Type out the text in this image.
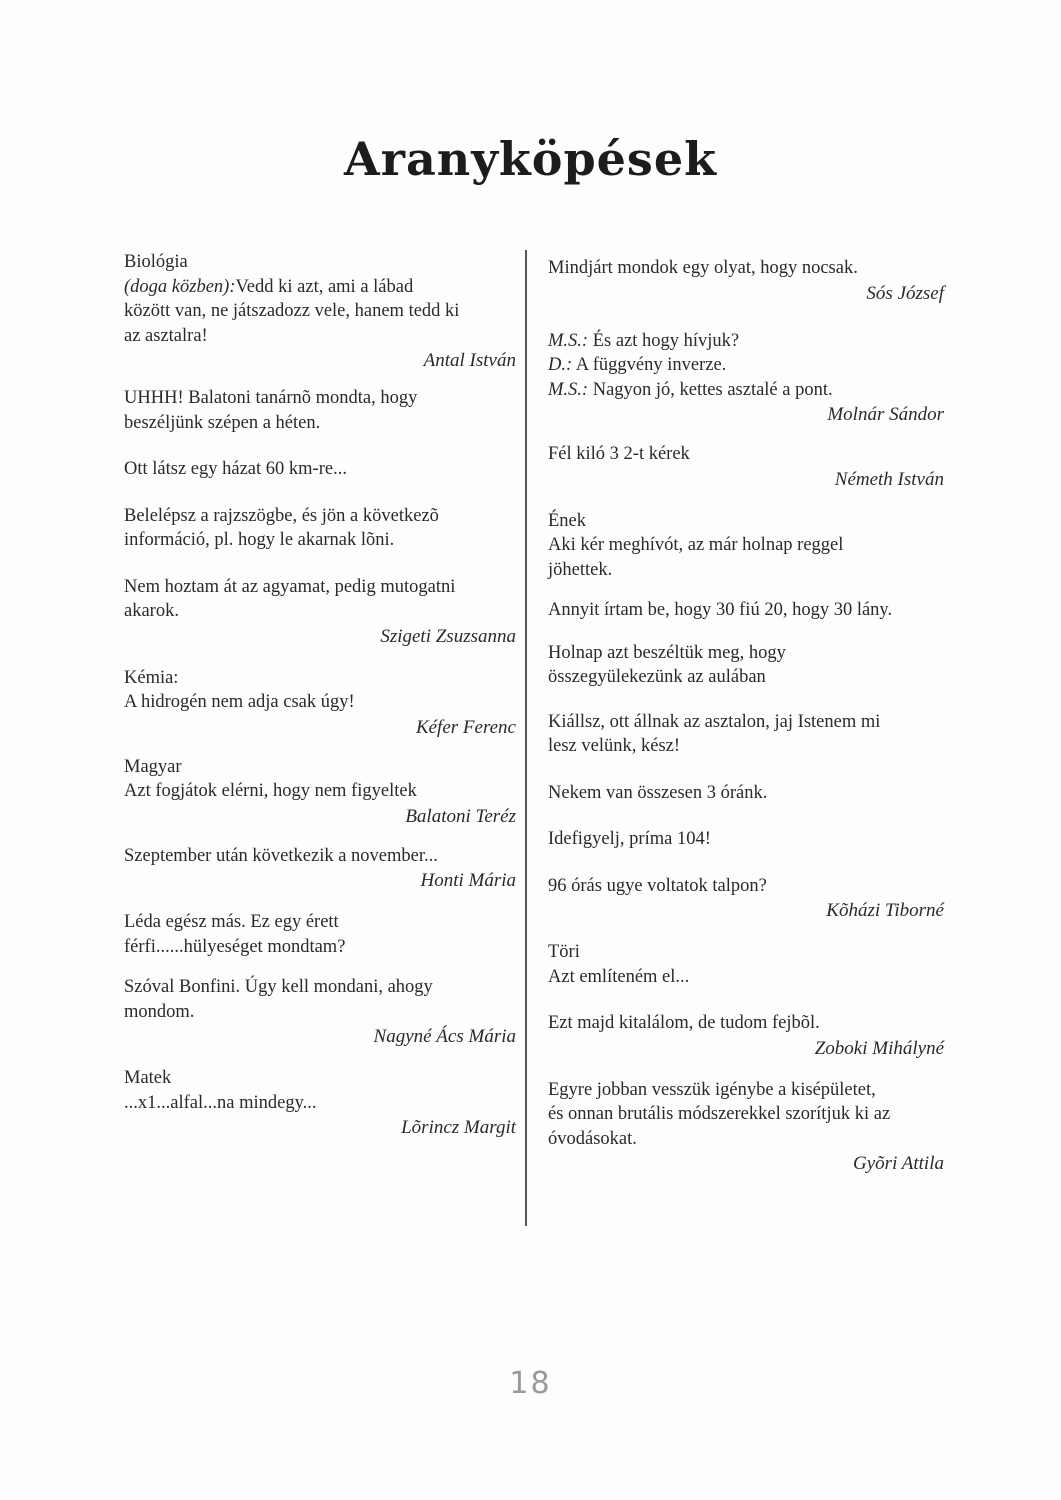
Aranyköpések
Biológia
(doga közben):Vedd ki azt, ami a lábad
között van, ne játszadozz vele, hanem tedd ki
az asztalra!
Antal István
UHHH! Balatoni tanárnõ mondta, hogy
beszéljünk szépen a héten.
Ott látsz egy házat 60 km-re...
Belelépsz a rajzszögbe, és jön a következõ
információ, pl. hogy le akarnak lõni.
Nem hoztam át az agyamat, pedig mutogatni
akarok.
Szigeti Zsuzsanna
Kémia:
A hidrogén nem adja csak úgy!
Kéfer Ferenc
Magyar
Azt fogjátok elérni, hogy nem figyeltek
Balatoni Teréz
Szeptember után következik a november...
Honti Mária
Léda egész más. Ez egy érett
férfi......hülyeséget mondtam?
Szóval Bonfini. Úgy kell mondani, ahogy
mondom.
Nagyné Ács Mária
Matek
...x1...alfal...na mindegy...
Lõrincz Margit
Mindjárt mondok egy olyat, hogy nocsak.
Sós József
M.S.: És azt hogy hívjuk?
D.: A függvény inverze.
M.S.: Nagyon jó, kettes asztalé a pont.
Molnár Sándor
Fél kiló 3 2-t kérek
Németh István
Ének
Aki kér meghívót, az már holnap reggel
jöhettek.
Annyit írtam be, hogy 30 fiú 20, hogy 30 lány.
Holnap azt beszéltük meg, hogy
összegyülekezünk az aulában
Kiállsz, ott állnak az asztalon, jaj Istenem mi
lesz velünk, kész!
Nekem van összesen 3 óránk.
Idefigyelj, príma 104!
96 órás ugye voltatok talpon?
Kõházi Tiborné
Töri
Azt említeném el...
Ezt majd kitalálom, de tudom fejbõl.
Zoboki Mihályné
Egyre jobban vesszük igénybe a kisépületet,
és onnan brutális módszerekkel szorítjuk ki az
óvodásokat.
Gyõri Attila
18
